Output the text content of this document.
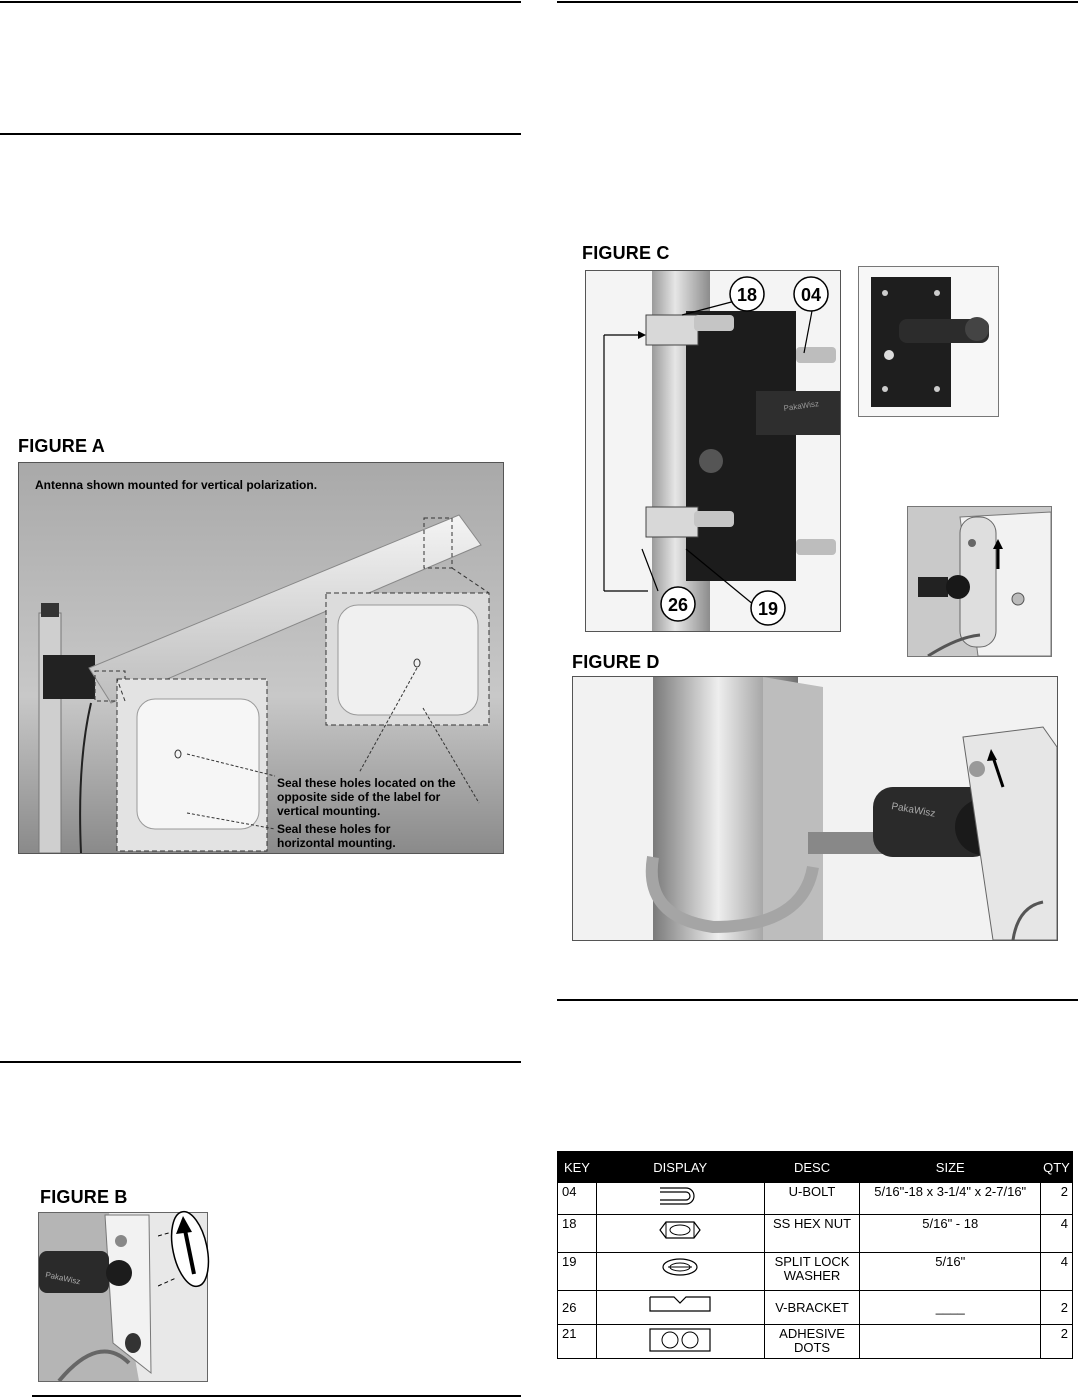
FIGURE A
Antenna shown mounted for vertical polarization.
Seal these holes located on the
opposite side of the label for
vertical mounting.
Seal these holes for
horizontal mounting.
FIGURE B
PakaWisz
FIGURE C
PakaWisz
18 04
26	19
FIGURE D
PakaWisz
KEY	DISPLAY	DESC	SIZE	QTY
04		U-BOLT	5/16"-18 x 3-1/4" x 2-7/16"	2
18		SS HEX NUT	5/16" - 18	4
19		SPLIT LOCK WASHER	5/16"	4
26		V-BRACKET	____	2
21		ADHESIVE DOTS		2
